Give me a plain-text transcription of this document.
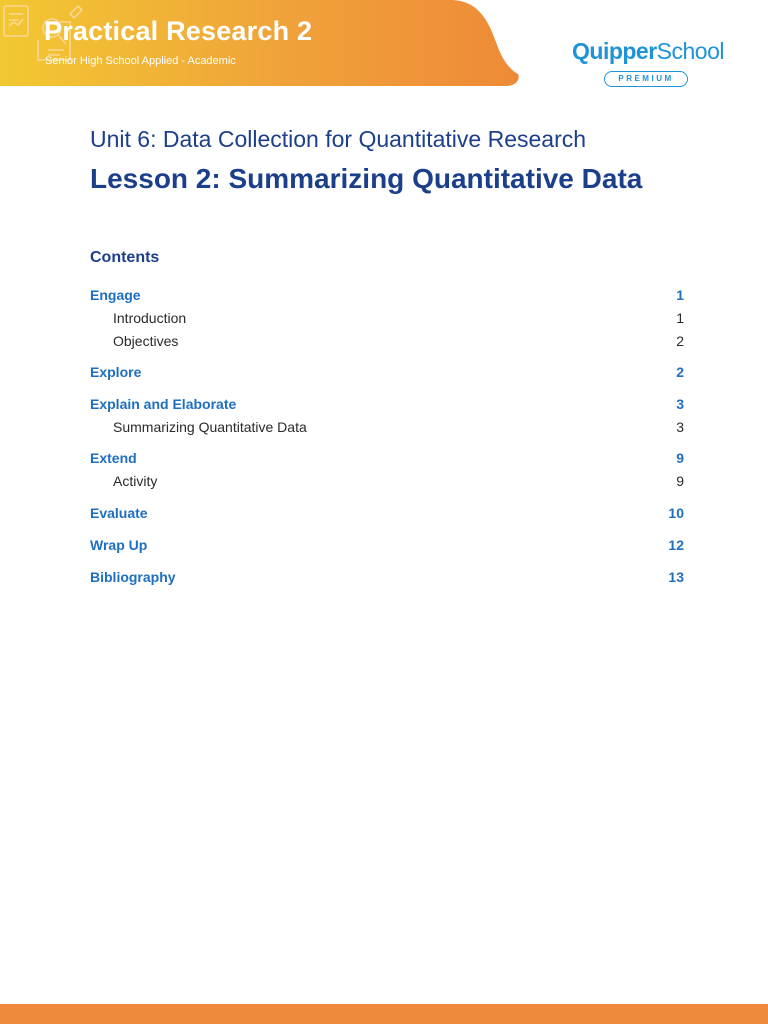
Practical Research 2
Senior High School Applied - Academic	QuipperSchool
PREMIUM
Unit 6: Data Collection for Quantitative Research
Lesson 2: Summarizing Quantitative Data
Contents
Engage	1
Introduction	1
Objectives	2
Explore	2
Explain and Elaborate	3
Summarizing Quantitative Data	3
Extend	9
Activity	9
Evaluate	10
Wrap Up	12
Bibliography	13
